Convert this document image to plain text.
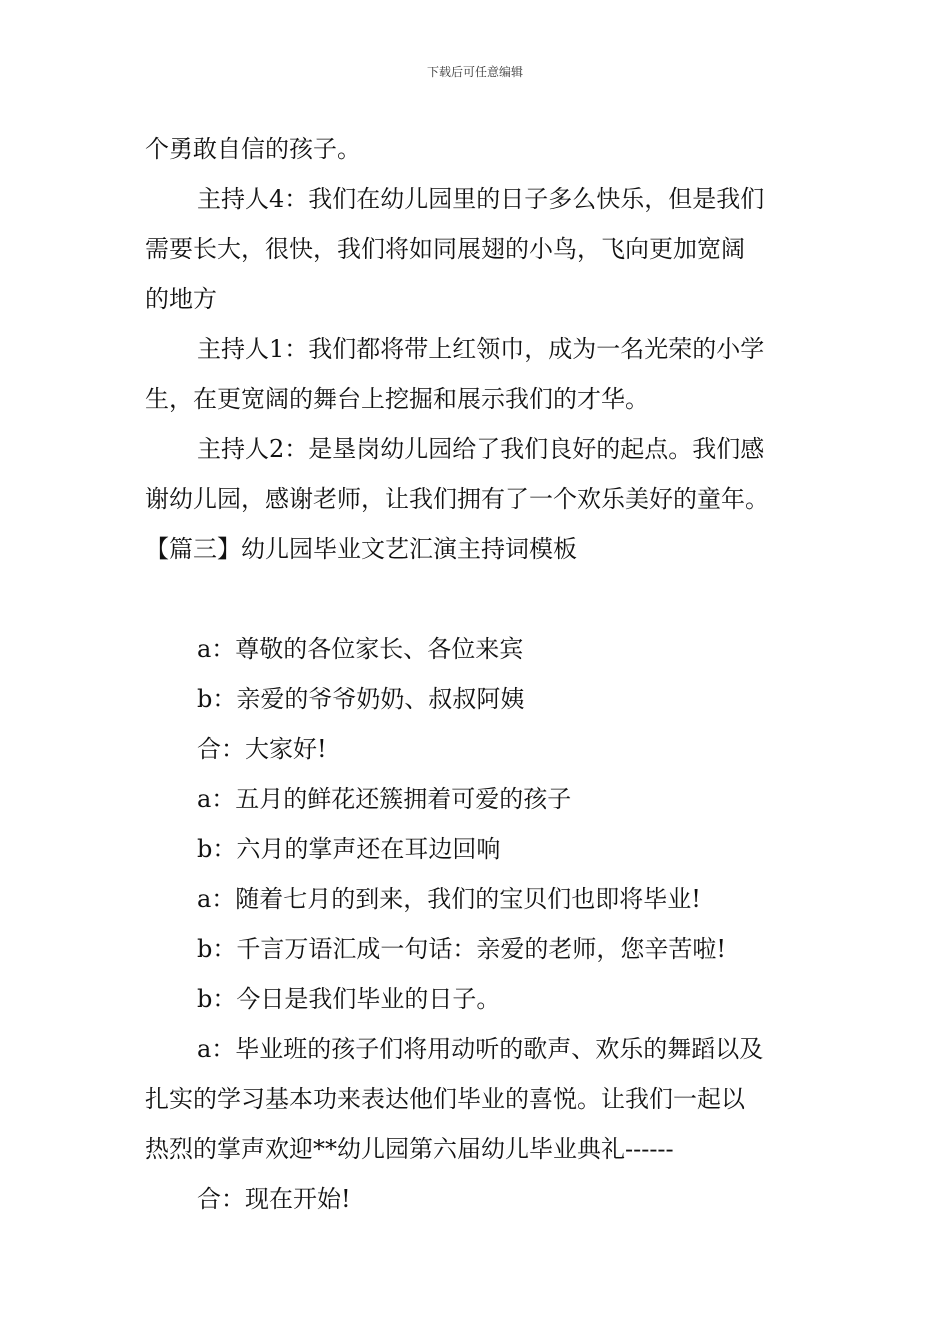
下载后可任意编辑

个勇敢自信的孩子。

主持人4：我们在幼儿园里的日子多么快乐，但是我们

需要长大，很快，我们将如同展翅的小鸟，飞向更加宽阔

的地方

主持人1：我们都将带上红领巾，成为一名光荣的小学

生，在更宽阔的舞台上挖掘和展示我们的才华。

主持人2：是垦岗幼儿园给了我们良好的起点。我们感

谢幼儿园，感谢老师，让我们拥有了一个欢乐美好的童年。

【篇三】幼儿园毕业文艺汇演主持词模板

a：尊敬的各位家长、各位来宾

b：亲爱的爷爷奶奶、叔叔阿姨

合：大家好!

a：五月的鲜花还簇拥着可爱的孩子

b：六月的掌声还在耳边回响

a：随着七月的到来，我们的宝贝们也即将毕业!

b：千言万语汇成一句话：亲爱的老师，您辛苦啦!

b：今日是我们毕业的日子。

a：毕业班的孩子们将用动听的歌声、欢乐的舞蹈以及

扎实的学习基本功来表达他们毕业的喜悦。让我们一起以

热烈的掌声欢迎**幼儿园第六届幼儿毕业典礼------

合：现在开始!
